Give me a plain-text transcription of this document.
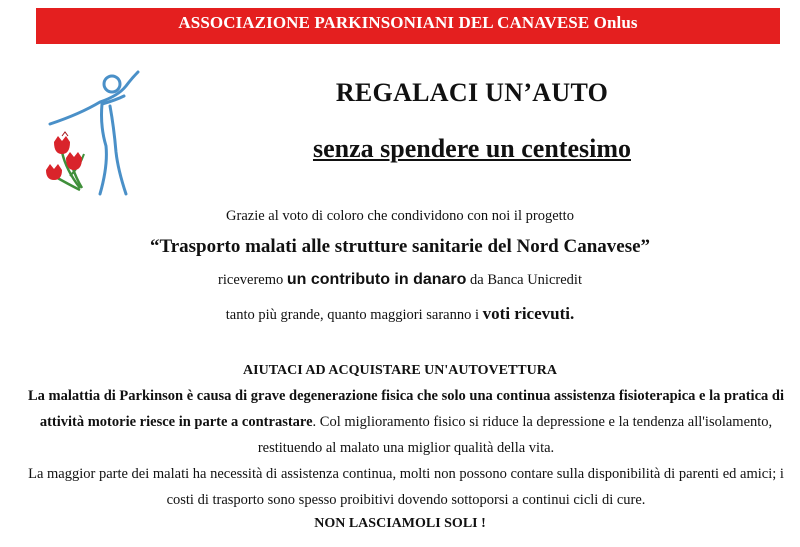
ASSOCIAZIONE PARKINSONIANI DEL CANAVESE Onlus
REGALACI UN’AUTO
senza spendere un centesimo
Grazie al voto di coloro che condividono con noi il progetto
“Trasporto malati alle strutture sanitarie del Nord Canavese”
riceveremo un contributo in danaro da Banca Unicredit
tanto più grande, quanto maggiori saranno i voti ricevuti.
AIUTACI AD ACQUISTARE UN'AUTOVETTURA
La malattia di Parkinson è causa di grave degenerazione fisica che solo una continua assistenza fisioterapica e la pratica di attività motorie riesce in parte a contrastare. Col miglioramento fisico si riduce la depressione e la tendenza all'isolamento, restituendo al malato una miglior qualità della vita.
La maggior parte dei malati ha necessità di assistenza continua, molti non possono contare sulla disponibilità di parenti ed amici; i costi di trasporto sono spesso proibitivi dovendo sottoporsi a continui cicli di cure.
NON LASCIAMOLI SOLI !
